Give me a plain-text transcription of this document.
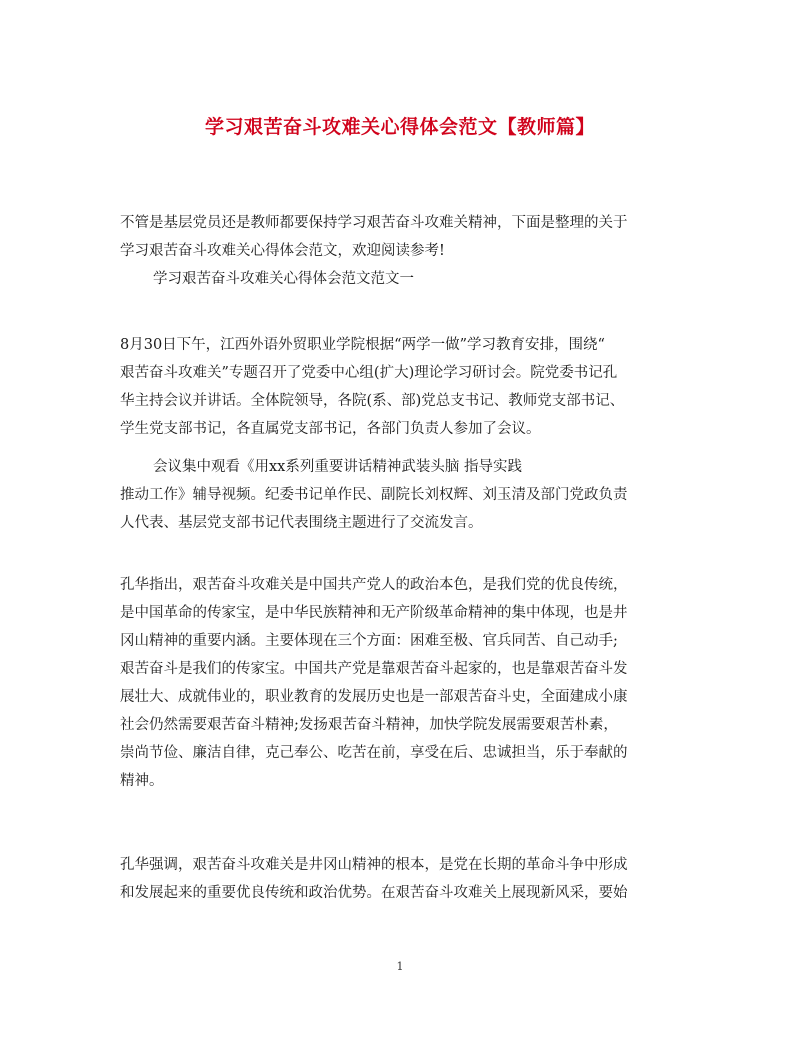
学习艰苦奋斗攻难关心得体会范文【教师篇】

不管是基层党员还是教师都要保持学习艰苦奋斗攻难关精神，下面是整理的关于
学习艰苦奋斗攻难关心得体会范文，欢迎阅读参考!

学习艰苦奋斗攻难关心得体会范文范文一

8月30日下午，江西外语外贸职业学院根据“两学一做”学习教育安排，围绕“
艰苦奋斗攻难关”专题召开了党委中心组(扩大)理论学习研讨会。院党委书记孔
华主持会议并讲话。全体院领导，各院(系、部)党总支书记、教师党支部书记、
学生党支部书记，各直属党支部书记，各部门负责人参加了会议。

会议集中观看《用xx系列重要讲话精神武装头脑 指导实践
推动工作》辅导视频。纪委书记单作民、副院长刘权辉、刘玉清及部门党政负责
人代表、基层党支部书记代表围绕主题进行了交流发言。

孔华指出，艰苦奋斗攻难关是中国共产党人的政治本色，是我们党的优良传统，
是中国革命的传家宝，是中华民族精神和无产阶级革命精神的集中体现，也是井
冈山精神的重要内涵。主要体现在三个方面：困难至极、官兵同苦、自己动手;
艰苦奋斗是我们的传家宝。中国共产党是靠艰苦奋斗起家的，也是靠艰苦奋斗发
展壮大、成就伟业的，职业教育的发展历史也是一部艰苦奋斗史，全面建成小康
社会仍然需要艰苦奋斗精神;发扬艰苦奋斗精神，加快学院发展需要艰苦朴素，
崇尚节俭、廉洁自律，克己奉公、吃苦在前，享受在后、忠诚担当，乐于奉献的
精神。

孔华强调，艰苦奋斗攻难关是井冈山精神的根本，是党在长期的革命斗争中形成
和发展起来的重要优良传统和政治优势。在艰苦奋斗攻难关上展现新风采，要始

1
